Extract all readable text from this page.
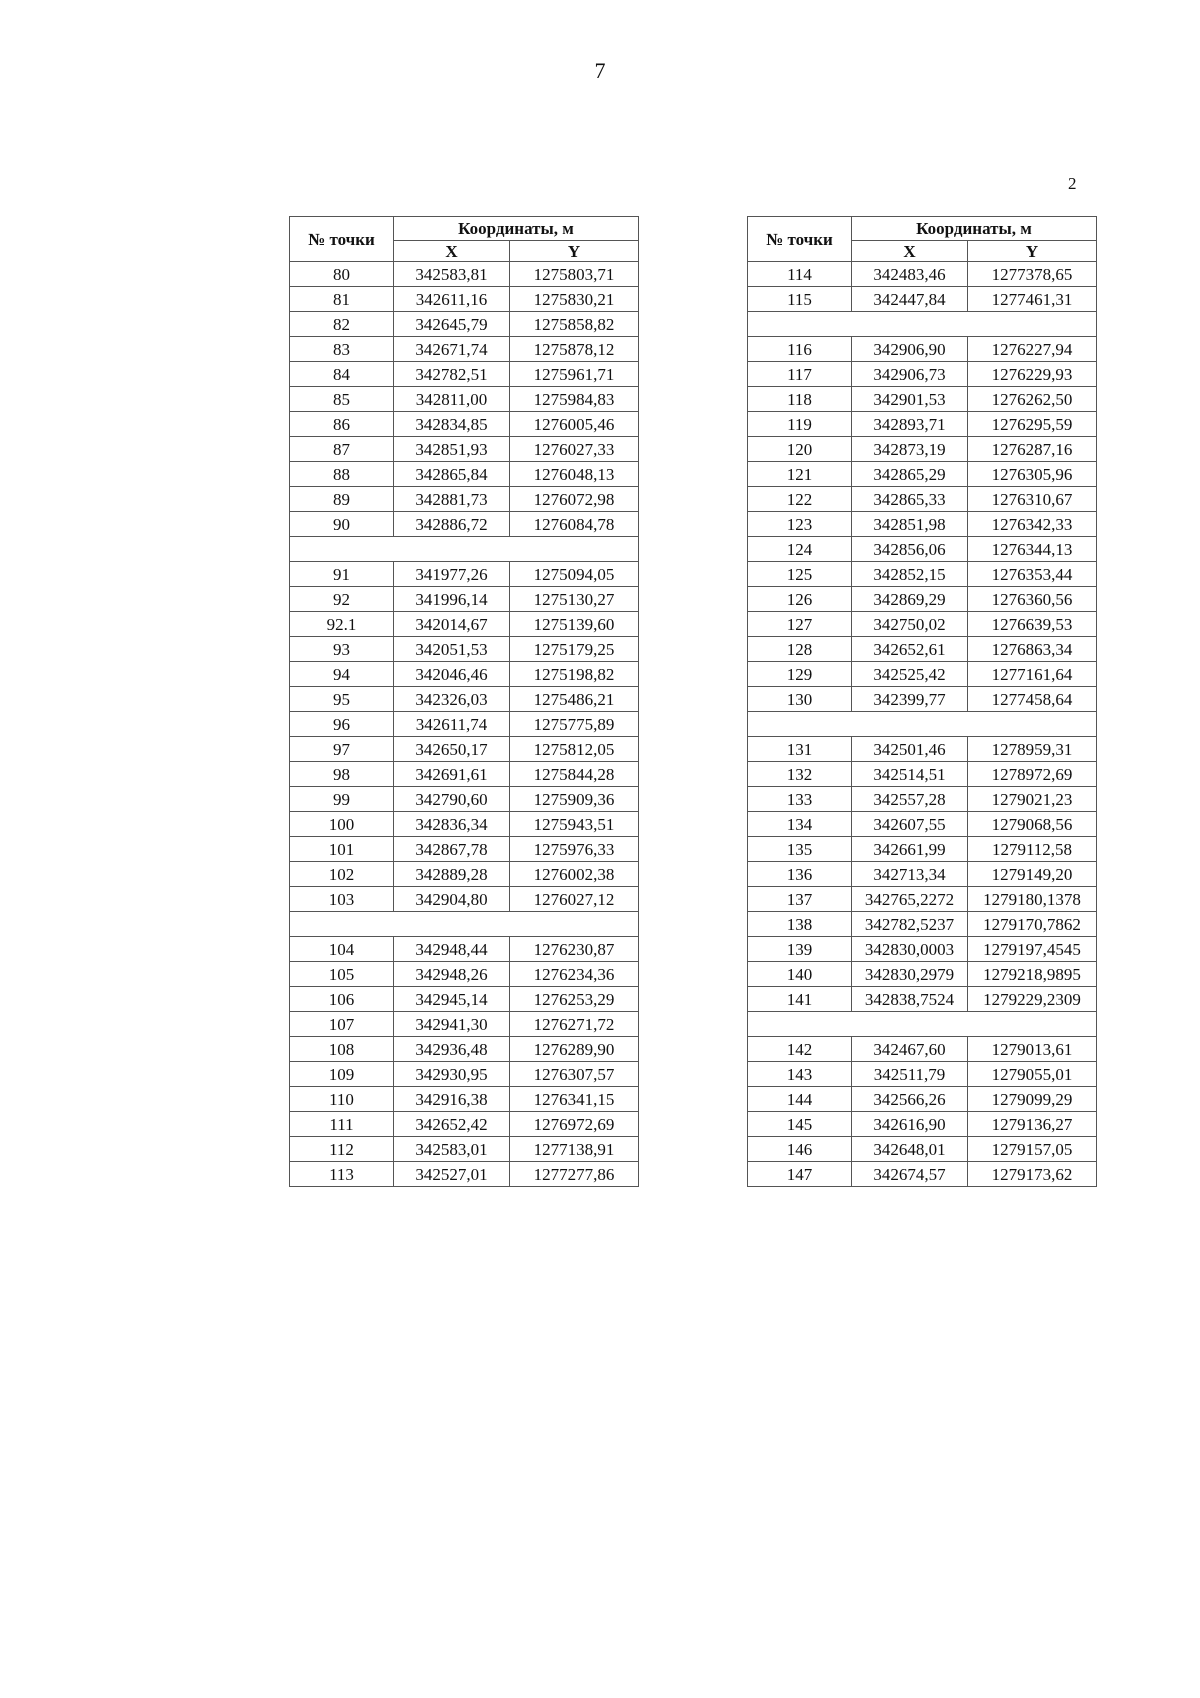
7
2
№ точки	Координаты, м	
	X	Y
80	342583,81	1275803,71
81	342611,16	1275830,21
82	342645,79	1275858,82
83	342671,74	1275878,12
84	342782,51	1275961,71
85	342811,00	1275984,83
86	342834,85	1276005,46
87	342851,93	1276027,33
88	342865,84	1276048,13
89	342881,73	1276072,98
90	342886,72	1276084,78

91	341977,26	1275094,05
92	341996,14	1275130,27
92.1	342014,67	1275139,60
93	342051,53	1275179,25
94	342046,46	1275198,82
95	342326,03	1275486,21
96	342611,74	1275775,89
97	342650,17	1275812,05
98	342691,61	1275844,28
99	342790,60	1275909,36
100	342836,34	1275943,51
101	342867,78	1275976,33
102	342889,28	1276002,38
103	342904,80	1276027,12

104	342948,44	1276230,87
105	342948,26	1276234,36
106	342945,14	1276253,29
107	342941,30	1276271,72
108	342936,48	1276289,90
109	342930,95	1276307,57
110	342916,38	1276341,15
111	342652,42	1276972,69
112	342583,01	1277138,91
113	342527,01	1277277,86
№ точки	Координаты, м	
	X	Y
114	342483,46	1277378,65
115	342447,84	1277461,31

116	342906,90	1276227,94
117	342906,73	1276229,93
118	342901,53	1276262,50
119	342893,71	1276295,59
120	342873,19	1276287,16
121	342865,29	1276305,96
122	342865,33	1276310,67
123	342851,98	1276342,33
124	342856,06	1276344,13
125	342852,15	1276353,44
126	342869,29	1276360,56
127	342750,02	1276639,53
128	342652,61	1276863,34
129	342525,42	1277161,64
130	342399,77	1277458,64

131	342501,46	1278959,31
132	342514,51	1278972,69
133	342557,28	1279021,23
134	342607,55	1279068,56
135	342661,99	1279112,58
136	342713,34	1279149,20
137	342765,2272	1279180,1378
138	342782,5237	1279170,7862
139	342830,0003	1279197,4545
140	342830,2979	1279218,9895
141	342838,7524	1279229,2309

142	342467,60	1279013,61
143	342511,79	1279055,01
144	342566,26	1279099,29
145	342616,90	1279136,27
146	342648,01	1279157,05
147	342674,57	1279173,62
